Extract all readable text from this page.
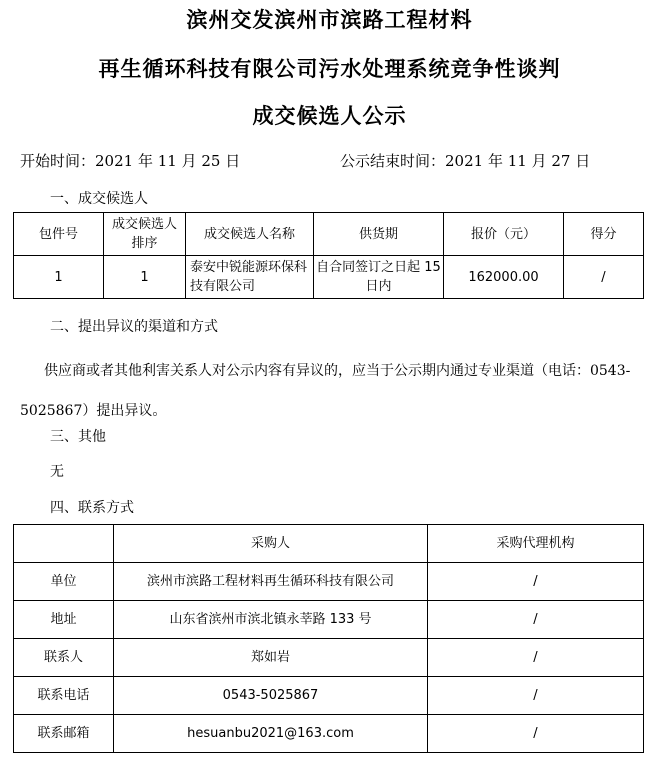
滨州交发滨州市滨路工程材料
再生循环科技有限公司污水处理系统竞争性谈判
成交候选人公示
开始时间：2021 年 11 月 25 日	公示结束时间：2021 年 11 月 27 日
一、成交候选人
包件号	成交候选人排序	成交候选人名称	供货期	报价（元）	得分
1	1	泰安中锐能源环保科技有限公司	自合同签订之日起 15 日内	162000.00	/
二、提出异议的渠道和方式
供应商或者其他利害关系人对公示内容有异议的，应当于公示期内通过专业渠道（电话：0543-5025867）提出异议。
三、其他
无
四、联系方式
	采购人	采购代理机构
单位	滨州市滨路工程材料再生循环科技有限公司	/
地址	山东省滨州市滨北镇永莘路 133 号	/
联系人	郑如岩	/
联系电话	0543-5025867	/
联系邮箱	hesuanbu2021@163.com	/
